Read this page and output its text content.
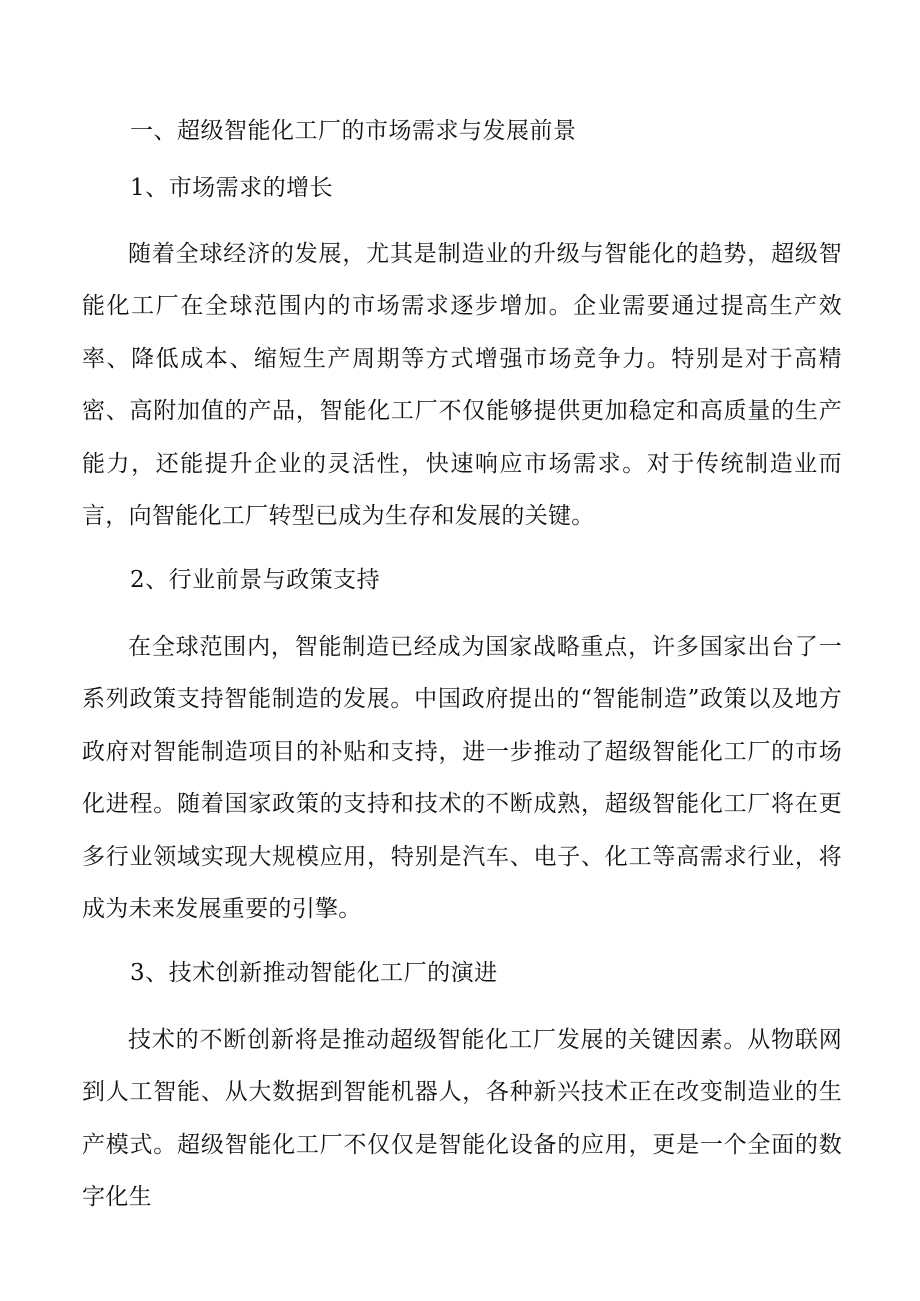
一、超级智能化工厂的市场需求与发展前景
1、市场需求的增长
随着全球经济的发展，尤其是制造业的升级与智能化的趋势，超级智能化工厂在全球范围内的市场需求逐步增加。企业需要通过提高生产效率、降低成本、缩短生产周期等方式增强市场竞争力。特别是对于高精密、高附加值的产品，智能化工厂不仅能够提供更加稳定和高质量的生产能力，还能提升企业的灵活性，快速响应市场需求。对于传统制造业而言，向智能化工厂转型已成为生存和发展的关键。
2、行业前景与政策支持
在全球范围内，智能制造已经成为国家战略重点，许多国家出台了一系列政策支持智能制造的发展。中国政府提出的“智能制造”政策以及地方政府对智能制造项目的补贴和支持，进一步推动了超级智能化工厂的市场化进程。随着国家政策的支持和技术的不断成熟，超级智能化工厂将在更多行业领域实现大规模应用，特别是汽车、电子、化工等高需求行业，将成为未来发展重要的引擎。
3、技术创新推动智能化工厂的演进
技术的不断创新将是推动超级智能化工厂发展的关键因素。从物联网到人工智能、从大数据到智能机器人，各种新兴技术正在改变制造业的生产模式。超级智能化工厂不仅仅是智能化设备的应用，更是一个全面的数字化生
